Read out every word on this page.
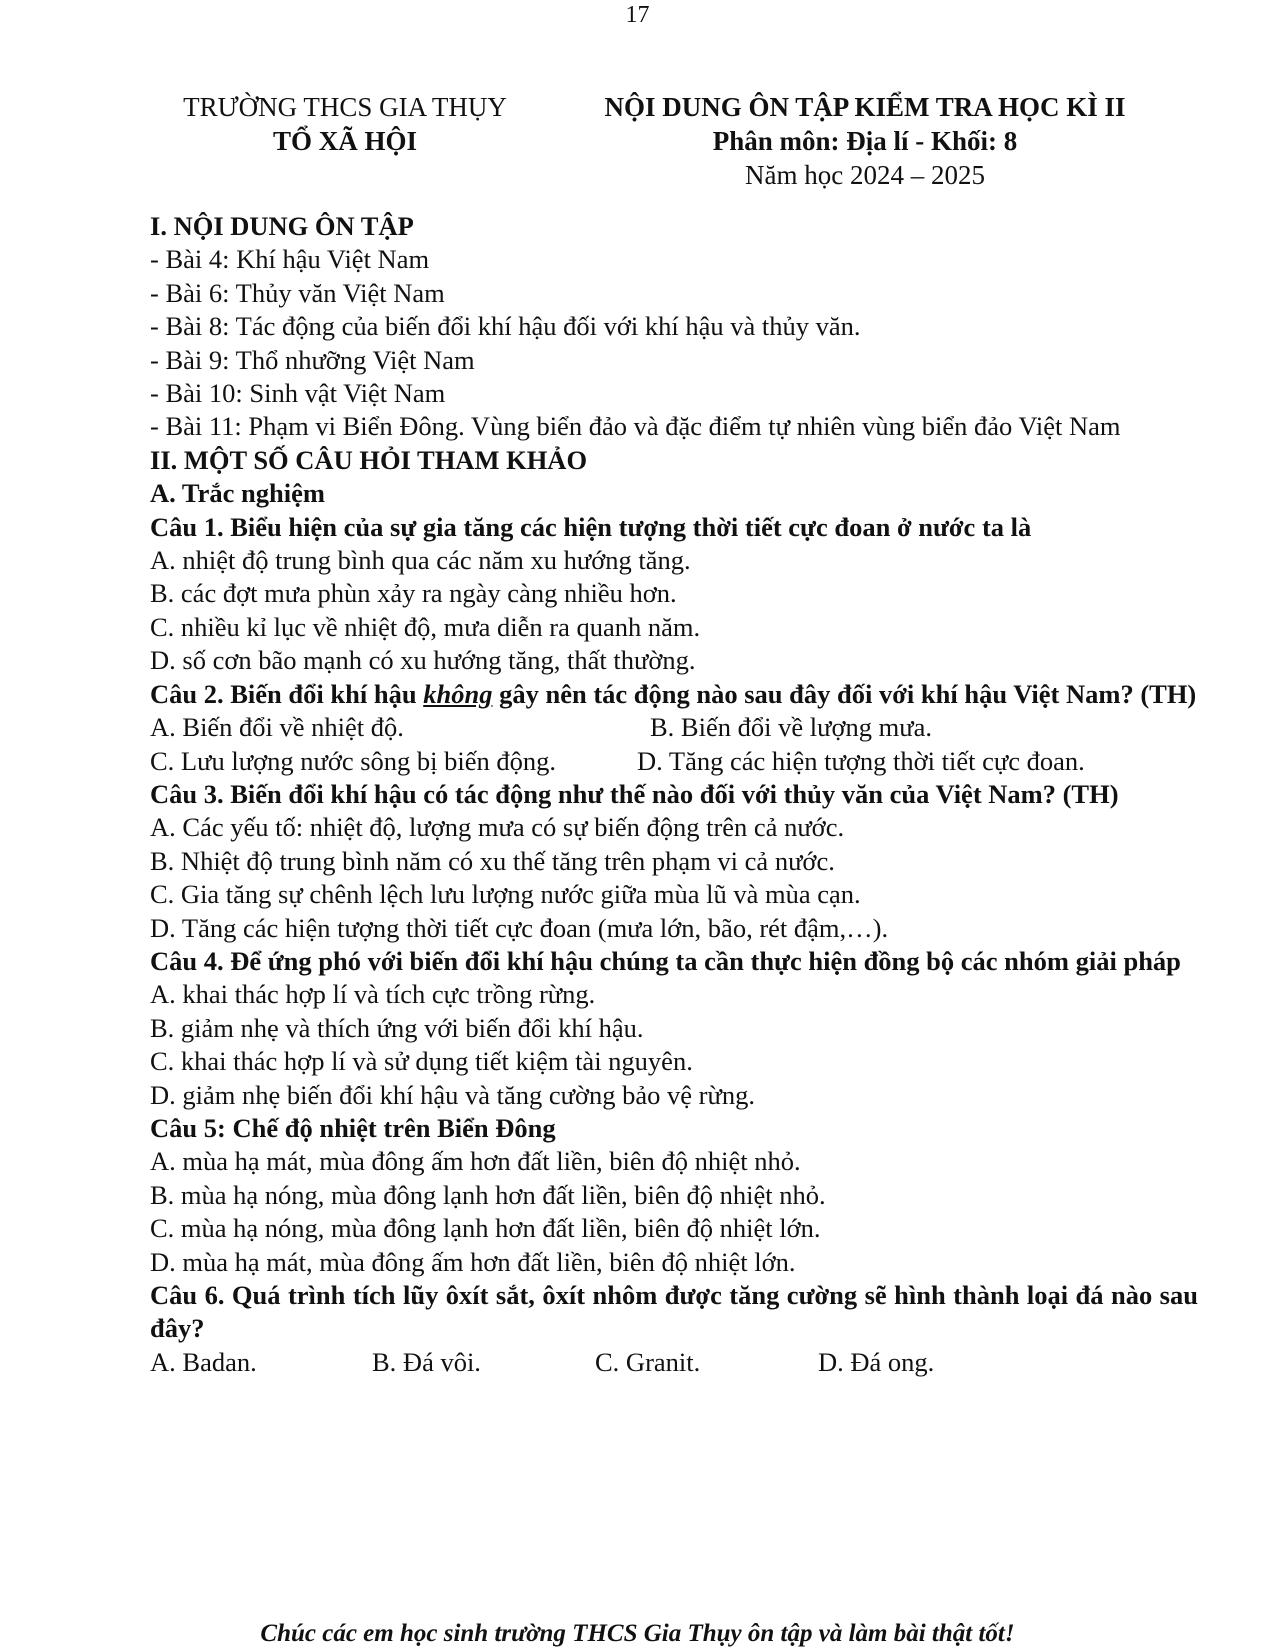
17
TRƯỜNG THCS GIA THỤY
TỔ XÃ HỘI
NỘI DUNG ÔN TẬP KIỂM TRA HỌC KÌ II
Phân môn: Địa lí - Khối: 8
Năm học 2024 – 2025

I. NỘI DUNG ÔN TẬP

- Bài 4: Khí hậu Việt Nam

- Bài 6: Thủy văn Việt Nam

- Bài 8: Tác động của biến đổi khí hậu đối với khí hậu và thủy văn.

- Bài 9: Thổ nhưỡng Việt Nam

- Bài 10: Sinh vật Việt Nam

- Bài 11: Phạm vi Biển Đông. Vùng biển đảo và đặc điểm tự nhiên vùng biển đảo Việt Nam

II. MỘT SỐ CÂU HỎI THAM KHẢO

A. Trắc nghiệm

Câu 1. Biểu hiện của sự gia tăng các hiện tượng thời tiết cực đoan ở nước ta là

A. nhiệt độ trung bình qua các năm xu hướng tăng.

B. các đợt mưa phùn xảy ra ngày càng nhiều hơn.

C. nhiều kỉ lục về nhiệt độ, mưa diễn ra quanh năm.

D. số cơn bão mạnh có xu hướng tăng, thất thường.

Câu 2. Biến đổi khí hậu không gây nên tác động nào sau đây đối với khí hậu Việt Nam? (TH)

A. Biến đổi về nhiệt độ.	B. Biến đổi về lượng mưa.
C. Lưu lượng nước sông bị biến động.	D. Tăng các hiện tượng thời tiết cực đoan.

Câu 3. Biến đổi khí hậu có tác động như thế nào đối với thủy văn của Việt Nam? (TH)

A. Các yếu tố: nhiệt độ, lượng mưa có sự biến động trên cả nước.

B. Nhiệt độ trung bình năm có xu thế tăng trên phạm vi cả nước.

C. Gia tăng sự chênh lệch lưu lượng nước giữa mùa lũ và mùa cạn.

D. Tăng các hiện tượng thời tiết cực đoan (mưa lớn, bão, rét đậm,…).

Câu 4. Để ứng phó với biến đổi khí hậu chúng ta cần thực hiện đồng bộ các nhóm giải pháp

A. khai thác hợp lí và tích cực trồng rừng.

B. giảm nhẹ và thích ứng với biến đổi khí hậu.

C. khai thác hợp lí và sử dụng tiết kiệm tài nguyên.

D. giảm nhẹ biến đổi khí hậu và tăng cường bảo vệ rừng.

Câu 5: Chế độ nhiệt trên Biển Đông

A. mùa hạ mát, mùa đông ấm hơn đất liền, biên độ nhiệt nhỏ.

B. mùa hạ nóng, mùa đông lạnh hơn đất liền, biên độ nhiệt nhỏ.

C. mùa hạ nóng, mùa đông lạnh hơn đất liền, biên độ nhiệt lớn.

D. mùa hạ mát, mùa đông ấm hơn đất liền, biên độ nhiệt lớn.

Câu 6. Quá trình tích lũy ôxít sắt, ôxít nhôm được tăng cường sẽ hình thành loại đá nào sau đây?

A. Badan.	B. Đá vôi.	C. Granit.	D. Đá ong.
Chúc các em học sinh trường THCS Gia Thụy ôn tập và làm bài thật tốt!
